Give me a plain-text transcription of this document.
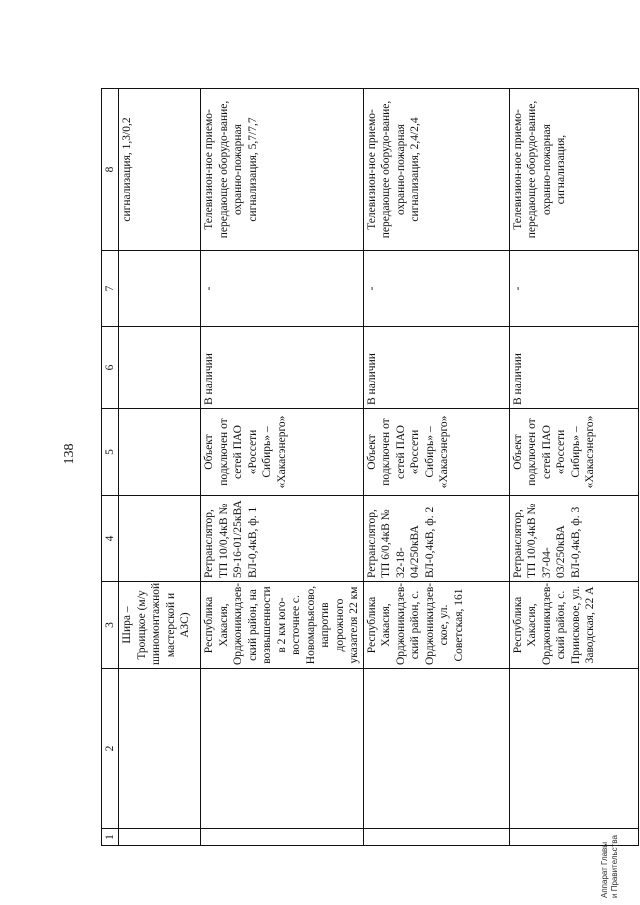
138
1	2	3	4	5	6	7	8
		Шира – Троицкое (м/у шиномонтажной мастерской и АЗС)					сигнализация, 1,3/0,2
		Республика Хакасия, Орджоникидзев-ский район, на возвышенности в 2 км юго-восточнее с. Новомарьясово, напротив дорожного указателя 22 км	Ретранслятор, ТП 10/0,4кВ № 59-16-01/25кВА ВЛ-0,4кВ, ф. 1	Объект подключен от сетей ПАО «Россети Сибирь» – «Хакасэнерго»	В наличии	-	Телевизион-ное приемо-передающее оборудо-вание, охранно-пожарная сигнализация, 5,7/7,7
		Республика Хакасия, Орджоникидзев-ский район, с. Орджоникидзев-ское, ул. Советская, 161	Ретранслятор, ТП 6/0,4кВ № 32-18-04/250кВА ВЛ-0,4кВ, ф. 2	Объект подключен от сетей ПАО «Россети Сибирь» – «Хакасэнерго»	В наличии	-	Телевизион-ное приемо-передающее оборудо-вание, охранно-пожарная сигнализация, 2,4/2,4
		Республика Хакасия, Орджоникидзев-ский район, с. Приисковое, ул. Заводская, 22 А	Ретранслятор, ТП 10/0,4кВ № 37-04-03/250кВА ВЛ-0,4кВ, ф. 3	Объект подключен от сетей ПАО «Россети Сибирь» – «Хакасэнерго»	В наличии	-	Телевизион-ное приемо-передающее оборудо-вание, охранно-пожарная сигнализация,
Аппарат Главы и Правительства
